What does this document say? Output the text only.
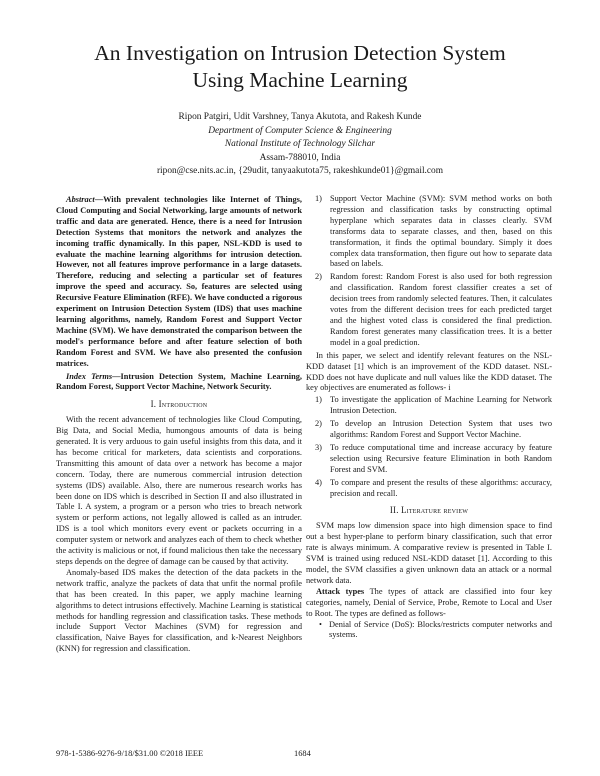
An Investigation on Intrusion Detection System
Using Machine Learning
Ripon Patgiri, Udit Varshney, Tanya Akutota, and Rakesh Kunde
Department of Computer Science & Engineering
National Institute of Technology Silchar
Assam-788010, India
ripon@cse.nits.ac.in, {29udit, tanyaakutota75, rakeshkunde01}@gmail.com

Abstract—With prevalent technologies like Internet of Things, Cloud Computing and Social Networking, large amounts of network traffic and data are generated. Hence, there is a need for Intrusion Detection Systems that monitors the network and analyzes the incoming traffic dynamically. In this paper, NSL-KDD is used to evaluate the machine learning algorithms for intrusion detection. However, not all features improve performance in a large datasets. Therefore, reducing and selecting a particular set of features improve the speed and accuracy. So, features are selected using Recursive Feature Elimination (RFE). We have conducted a rigorous experiment on Intrusion Detection System (IDS) that uses machine learning algorithms, namely, Random Forest and Support Vector Machine (SVM). We have demonstrated the comparison between the model's performance before and after feature selection of both Random Forest and SVM. We have also presented the confusion matrices.

Index Terms—Intrusion Detection System, Machine Learning, Random Forest, Support Vector Machine, Network Security.

I. Introduction

With the recent advancement of technologies like Cloud Computing, Big Data, and Social Media, humongous amounts of data is being generated. It is very arduous to gain useful insights from this data, and it has become critical for marketers, data scientists and corporations. Transmitting this amount of data over a network has become a major concern. Today, there are numerous commercial intrusion detection systems (IDS) available. Also, there are numerous research works has been done on IDS which is described in Section II and also illustrated in Table I. A system, a program or a person who tries to breach network system or perform actions, not legally allowed is called as an intruder. IDS is a tool which monitors every event or packets occurring in a computer system or network and analyzes each of them to check whether the activity is malicious or not, if found malicious then take the necessary steps depends on the degree of damage can be caused by that activity.

Anomaly-based IDS makes the detection of the data packets in the network traffic, analyze the packets of data that unfit the normal profile that has been created. In this paper, we apply machine learning algorithms to detect intrusions effectively. Machine Learning is statistical methods for handling regression and classification tasks. These methods include Support Vector Machines (SVM) for regression and classification, Naive Bayes for classification, and k-Nearest Neighbors (KNN) for regression and classification.

1) Support Vector Machine (SVM): SVM method works on both regression and classification tasks by constructing optimal hyperplane which separates data in classes clearly. SVM transforms data to separate classes, and then, based on this transformation, it finds the optimal boundary. Simply it does complex data transformation, then figure out how to separate data based on labels.
2) Random forest: Random Forest is also used for both regression and classification. Random forest classifier creates a set of decision trees from randomly selected features. Then, it calculates votes from the different decision trees for each predicted target and the highest voted class is considered the final prediction. Random forest generates many classification trees. It is a better model in a goal prediction.

In this paper, we select and identify relevant features on the NSL-KDD dataset [1] which is an improvement of the KDD dataset. NSL-KDD does not have duplicate and null values like the KDD dataset. The key objectives are enumerated as follows- i

1) To investigate the application of Machine Learning for Network Intrusion Detection.
2) To develop an Intrusion Detection System that uses two algorithms: Random Forest and Support Vector Machine.
3) To reduce computational time and increase accuracy by feature selection using Recursive feature Elimination in both Random Forest and SVM.
4) To compare and present the results of these algorithms: accuracy, precision and recall.
II. Literature review

SVM maps low dimension space into high dimension space to find out a best hyper-plane to perform binary classification, such that error rate is always minimum. A comparative review is presented in Table I. SVM is trained using reduced NSL-KDD dataset [1]. According to this model, the SVM classifies a given unknown data an attack or a normal network data.

Attack types The types of attack are classified into four key categories, namely, Denial of Service, Probe, Remote to Local and User to Root. The types are defined as follows-

• Denial of Service (DoS): Blocks/restricts computer networks and systems.
978-1-5386-9276-9/18/$31.00 ©2018 IEEE	1684
